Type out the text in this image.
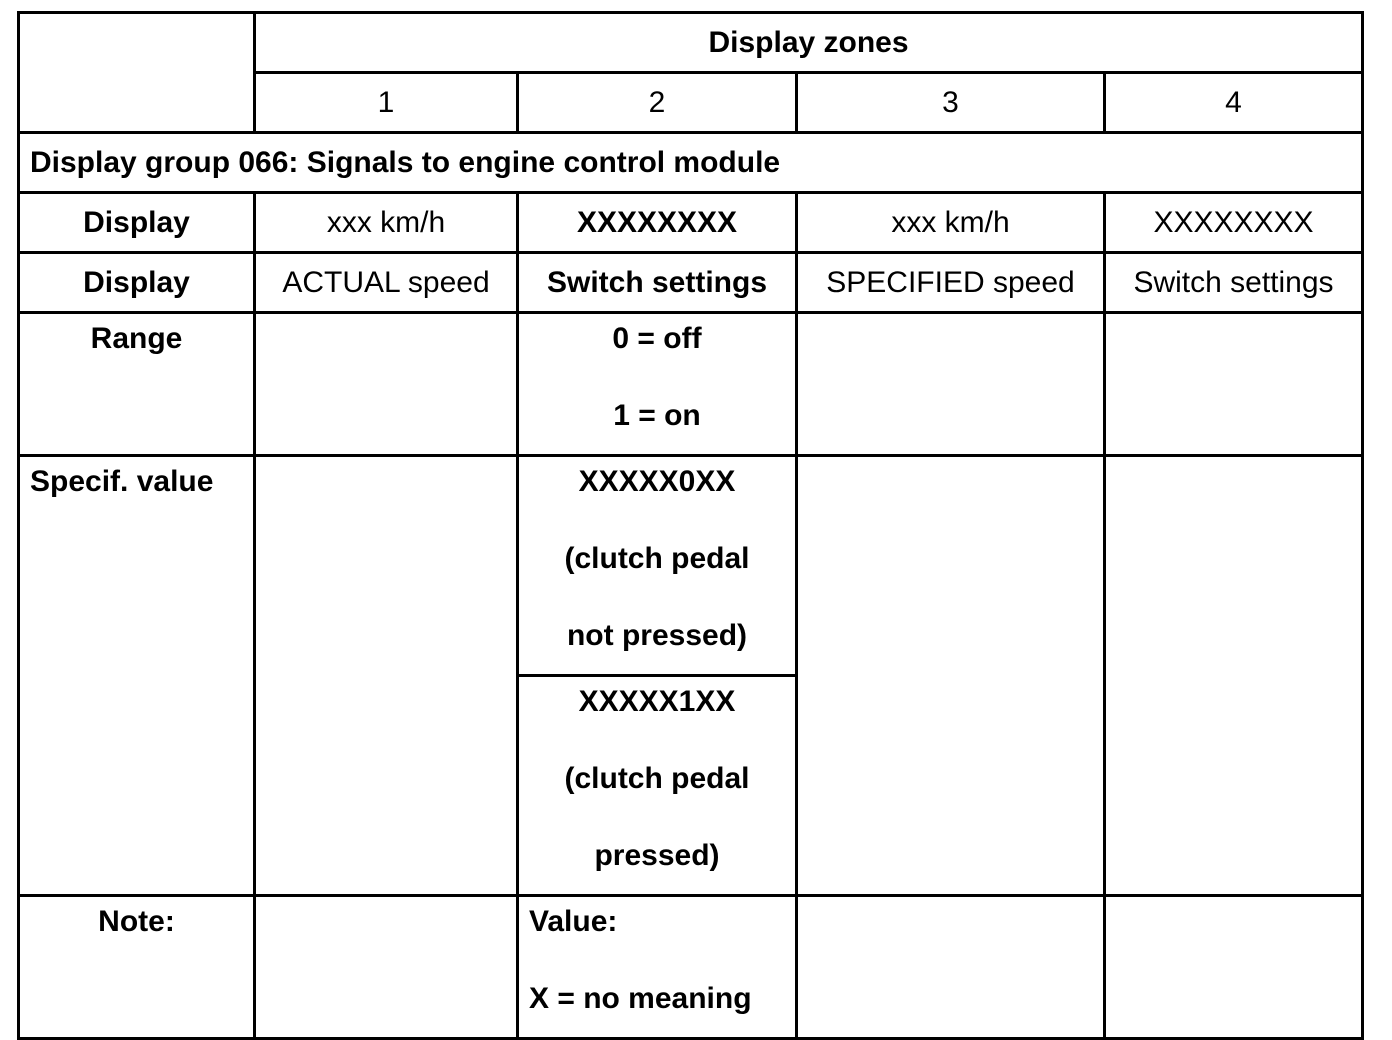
	Display zones			
	1	2	3	4
Display group 066: Signals to engine control module				
Display	xxx km/h	XXXXXXXX	xxx km/h	XXXXXXXX
Display	ACTUAL speed	Switch settings	SPECIFIED speed	Switch settings

Range		0 = off
1 = on		

Specif. value		XXXXX0XX
(clutch pedal
not pressed)		

		XXXXX1XX
(clutch pedal
pressed)		

Note:		Value:
X = no meaning		
